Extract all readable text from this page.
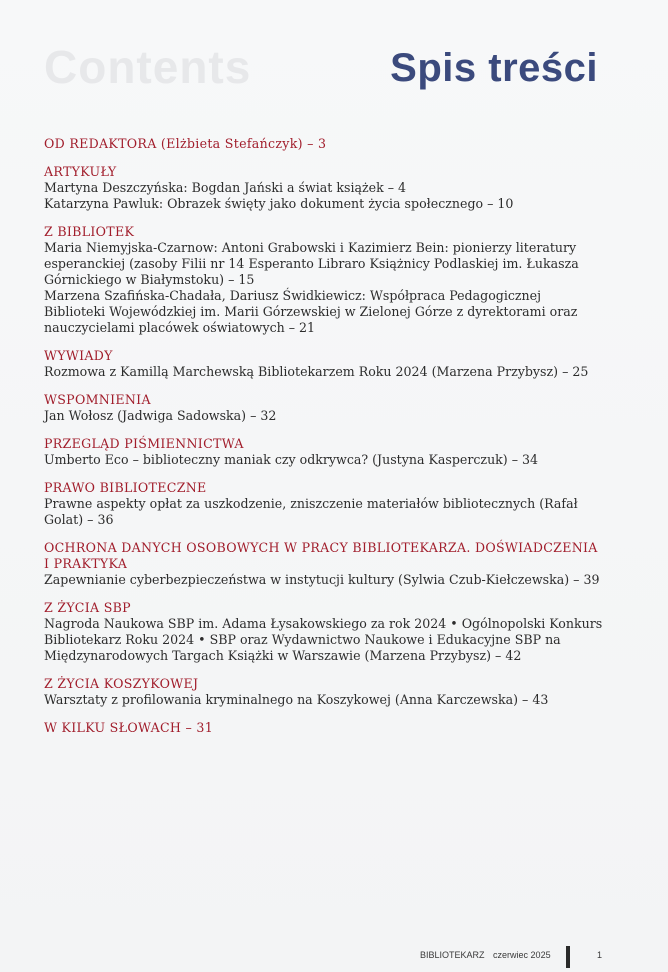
Contents	Spis treści
OD REDAKTORA (Elżbieta Stefańczyk) – 3
ARTYKUŁY
Martyna Deszczyńska: Bogdan Jański a świat książek – 4
Katarzyna Pawluk: Obrazek święty jako dokument życia społecznego – 10
Z BIBLIOTEK
Maria Niemyjska-Czarnow: Antoni Grabowski i Kazimierz Bein: pionierzy literatury esperanckiej (zasoby Filii nr 14 Esperanto Libraro Książnicy Podlaskiej im. Łukasza Górnickiego w Białymstoku) – 15
Marzena Szafińska-Chadała, Dariusz Świdkiewicz: Współpraca Pedagogicznej Biblioteki Wojewódzkiej im. Marii Górzewskiej w Zielonej Górze z dyrektorami oraz nauczycielami placówek oświatowych – 21
WYWIADY
Rozmowa z Kamillą Marchewską Bibliotekarzem Roku 2024 (Marzena Przybysz) – 25
WSPOMNIENIA
Jan Wołosz (Jadwiga Sadowska) – 32
PRZEGLĄD PIŚMIENNICTWA
Umberto Eco – biblioteczny maniak czy odkrywca? (Justyna Kasperczuk) – 34
PRAWO BIBLIOTECZNE
Prawne aspekty opłat za uszkodzenie, zniszczenie materiałów bibliotecznych (Rafał Golat) – 36
OCHRONA DANYCH OSOBOWYCH W PRACY BIBLIOTEKARZA. DOŚWIADCZENIA I PRAKTYKA
Zapewnianie cyberbezpieczeństwa w instytucji kultury (Sylwia Czub-Kiełczewska) – 39
Z ŻYCIA SBP
Nagroda Naukowa SBP im. Adama Łysakowskiego za rok 2024 • Ogólnopolski Konkurs Bibliotekarz Roku 2024 • SBP oraz Wydawnictwo Naukowe i Edukacyjne SBP na Międzynarodowych Targach Książki w Warszawie (Marzena Przybysz) – 42
Z ŻYCIA KOSZYKOWEJ
Warsztaty z profilowania kryminalnego na Koszykowej (Anna Karczewska) – 43
W KILKU SŁOWACH – 31
BIBLIOTEKARZ czerwiec 2025	1
